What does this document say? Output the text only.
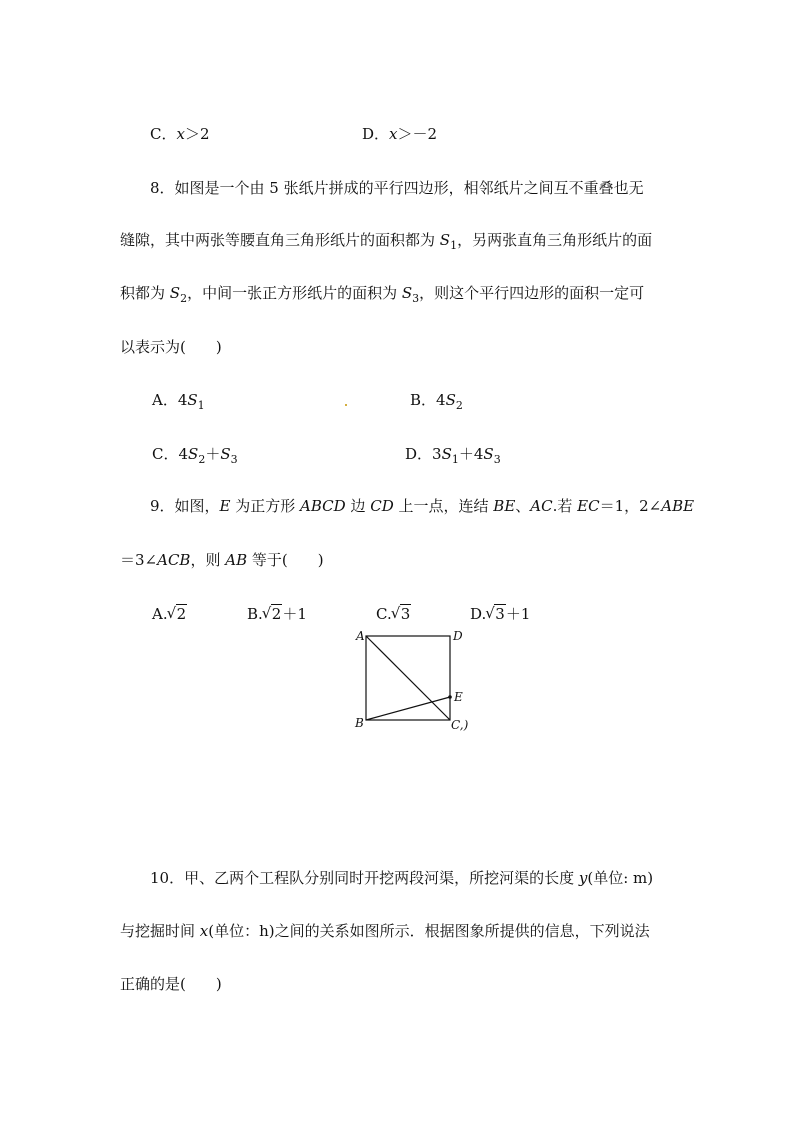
C．x＞2	D．x＞－2
8．如图是一个由 5 张纸片拼成的平行四边形，相邻纸片之间互不重叠也无
缝隙，其中两张等腰直角三角形纸片的面积都为 $S_1$，另两张直角三角形纸片的面
积都为 $S_2$，中间一张正方形纸片的面积为 $S_3$，则这个平行四边形的面积一定可
以表示为(　　)
A．$4S_1$	B．$4S_2$
C．$4S_2+S_3$	D．$3S_1+4S_3$
9．如图，E 为正方形 ABCD 边 CD 上一点，连结 BE、AC.若 EC＝1，2∠ABE
＝3∠ACB，则 AB 等于(　　)
A. √ 2	B. √ 2＋1	C. √ 3	D. √ 3＋1
A	D
E
B	C,)
10．甲、乙两个工程队分别同时开挖两段河渠，所挖河渠的长度 y(单位: m)
与挖掘时间 x(单位：h)之间的关系如图所示．根据图象所提供的信息，下列说法
正确的是(　　)
